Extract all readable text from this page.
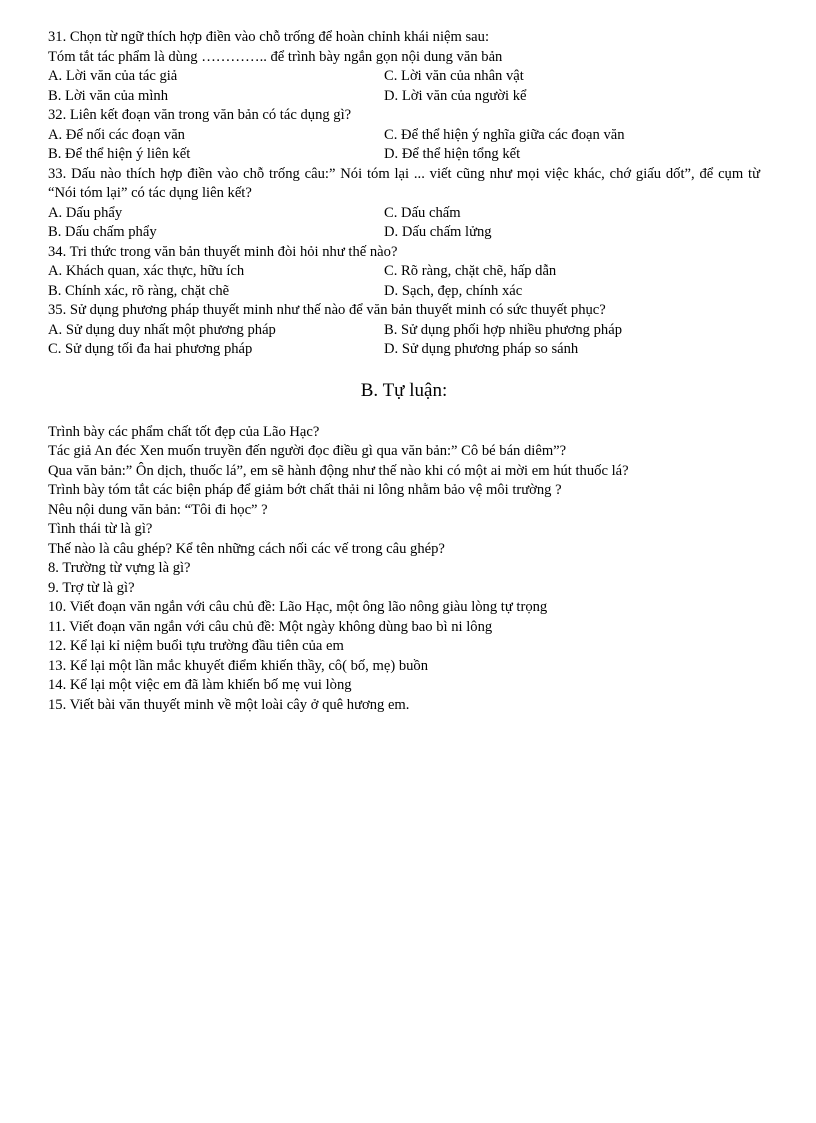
31. Chọn từ ngữ thích hợp điền vào chỗ trống để hoàn chỉnh khái niệm sau:
Tóm tắt tác phẩm là dùng ………….. để trình bày ngắn gọn nội dung văn bản
A. Lời văn của tác giả	C. Lời văn của nhân vật
B. Lời văn của mình	D. Lời văn của người kể
32. Liên kết đoạn văn trong văn bản có tác dụng gì?
A. Để nối các đoạn văn	C. Để thể hiện ý nghĩa giữa các đoạn văn
B. Để thể hiện ý liên kết	D. Để thể hiện tổng kết
33. Dấu nào thích hợp điền vào chỗ trống câu:” Nói tóm lại ... viết cũng như mọi việc khác, chớ giấu dốt”, để cụm từ “Nói tóm lại” có tác dụng liên kết?
A. Dấu phẩy	C. Dấu chấm
B. Dấu chấm phẩy	D. Dấu chấm lửng
34. Tri thức trong văn bản thuyết minh đòi hỏi như thế nào?
A. Khách quan, xác thực, hữu ích	C. Rõ ràng, chặt chẽ, hấp dẫn
B. Chính xác, rõ ràng, chặt chẽ	D. Sạch, đẹp, chính xác
35. Sử dụng phương pháp thuyết minh như thế nào để văn bản thuyết minh có sức thuyết phục?
A. Sử dụng duy nhất một phương pháp	B. Sử dụng phối hợp nhiều phương pháp
C. Sử dụng tối đa hai phương pháp	D. Sử dụng phương pháp so sánh
B. Tự luận:
Trình bày các phẩm chất tốt đẹp của Lão Hạc?
Tác giả An đéc Xen muốn truyền đến người đọc điều gì qua văn bản:” Cô bé bán diêm”?
Qua văn bản:” Ôn dịch, thuốc lá”, em sẽ hành động như thế nào khi có một ai mời em hút thuốc lá?
Trình bày tóm tắt các biện pháp để giảm bớt chất thải ni lông nhằm bảo vệ môi trường ?
Nêu nội dung văn bản: “Tôi đi học” ?
Tình thái từ là gì?
Thế nào là câu ghép? Kể tên những cách nối các vế trong câu ghép?
8. Trường từ vựng là gì?
9. Trợ từ là gì?
10. Viết đoạn văn ngắn với câu chủ đề: Lão Hạc, một ông lão nông giàu lòng tự trọng
11. Viết đoạn văn ngắn với câu chủ đề: Một ngày không dùng bao bì ni lông
12. Kể lại kỉ niệm buổi tựu trường đầu tiên của em
13. Kể lại một lần mắc khuyết điểm khiến thầy, cô( bố, mẹ) buồn
14. Kể lại một việc em đã làm khiến bố mẹ vui lòng
15. Viết bài văn thuyết minh về một loài cây ở quê hương em.
